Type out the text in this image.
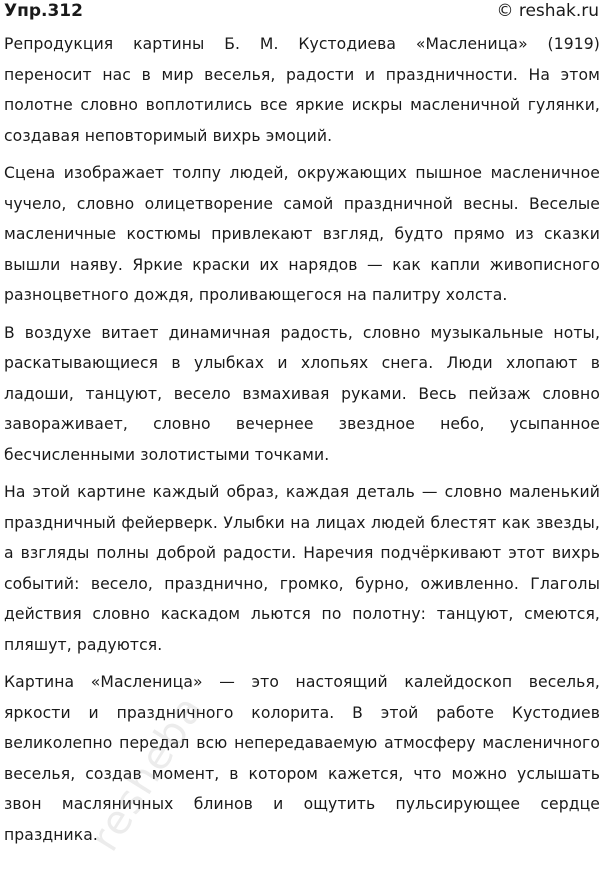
Упр.312	© reshak.ru

Репродукция картины Б. М. Кустодиева «Масленица» (1919) переносит нас в мир веселья, радости и праздничности. На этом полотне словно воплотились все яркие искры масленичной гулянки, создавая неповторимый вихрь эмоций.

Сцена изображает толпу людей, окружающих пышное масленичное чучело, словно олицетворение самой праздничной весны. Веселые масленичные костюмы привлекают взгляд, будто прямо из сказки вышли наяву. Яркие краски их нарядов — как капли живописного разноцветного дождя, проливающегося на палитру холста.

В воздухе витает динамичная радость, словно музыкальные ноты, раскатывающиеся в улыбках и хлопьях снега. Люди хлопают в ладоши, танцуют, весело взмахивая руками. Весь пейзаж словно завораживает, словно вечернее звездное небо, усыпанное бесчисленными золотистыми точками.

На этой картине каждый образ, каждая деталь — словно маленький праздничный фейерверк. Улыбки на лицах людей блестят как звезды, а взгляды полны доброй радости. Наречия подчёркивают этот вихрь событий: весело, празднично, громко, бурно, оживленно. Глаголы действия словно каскадом льются по полотну: танцуют, смеются, пляшут, радуются.

Картина «Масленица» — это настоящий калейдоскоп веселья, яркости и праздничного колорита. В этой работе Кустодиев великолепно передал всю непередаваемую атмосферу масленичного веселья, создав момент, в котором кажется, что можно услышать звон масляничных блинов и ощутить пульсирующее сердце праздника.

resheba
